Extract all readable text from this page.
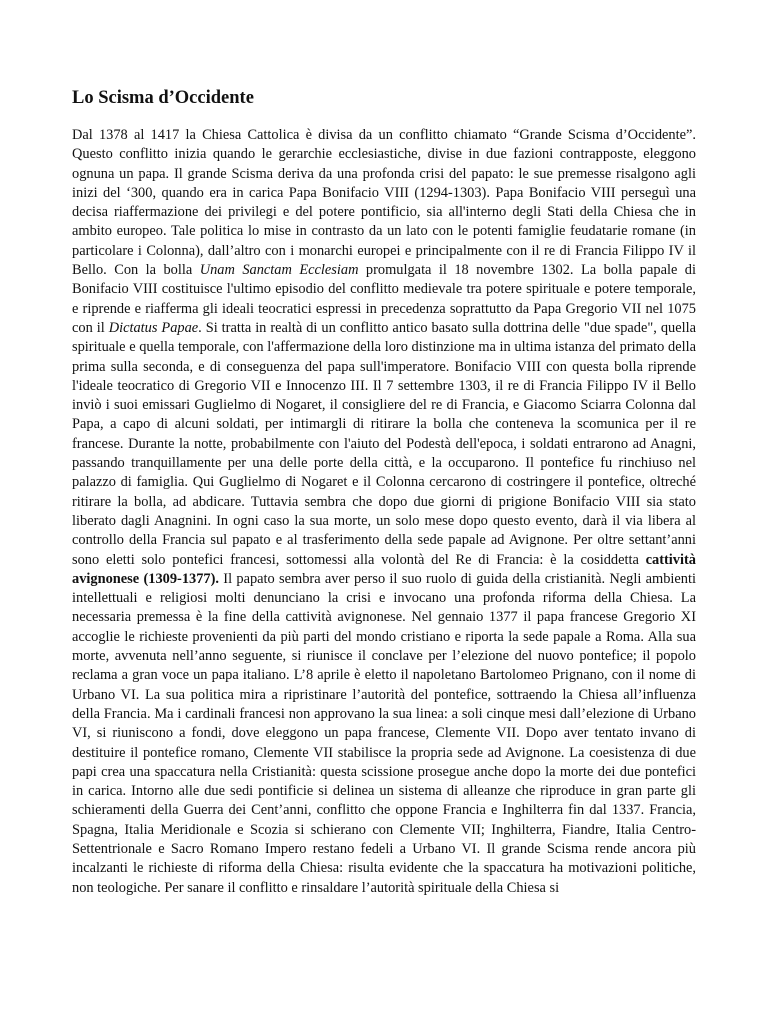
Lo Scisma d’Occidente

Dal 1378 al 1417 la Chiesa Cattolica è divisa da un conflitto chiamato “Grande Scisma d’Occidente”. Questo conflitto inizia quando le gerarchie ecclesiastiche, divise in due fazioni contrapposte, eleggono ognuna un papa. Il grande Scisma deriva da una profonda crisi del papato: le sue premesse risalgono agli inizi del ‘300, quando era in carica Papa Bonifacio VIII (1294-1303). Papa Bonifacio VIII perseguì una decisa riaffermazione dei privilegi e del potere pontificio, sia all'interno degli Stati della Chiesa che in ambito europeo. Tale politica lo mise in contrasto da un lato con le potenti famiglie feudatarie romane (in particolare i Colonna), dall’altro con i monarchi europei e principalmente con il re di Francia Filippo IV il Bello. Con la bolla Unam Sanctam Ecclesiam promulgata il 18 novembre 1302. La bolla papale di Bonifacio VIII costituisce l'ultimo episodio del conflitto medievale tra potere spirituale e potere temporale, e riprende e riafferma gli ideali teocratici espressi in precedenza soprattutto da Papa Gregorio VII nel 1075 con il Dictatus Papae. Si tratta in realtà di un conflitto antico basato sulla dottrina delle "due spade", quella spirituale e quella temporale, con l'affermazione della loro distinzione ma in ultima istanza del primato della prima sulla seconda, e di conseguenza del papa sull'imperatore. Bonifacio VIII con questa bolla riprende l'ideale teocratico di Gregorio VII e Innocenzo III. Il 7 settembre 1303, il re di Francia Filippo IV il Bello inviò i suoi emissari Guglielmo di Nogaret, il consigliere del re di Francia, e Giacomo Sciarra Colonna dal Papa, a capo di alcuni soldati, per intimargli di ritirare la bolla che conteneva la scomunica per il re francese. Durante la notte, probabilmente con l'aiuto del Podestà dell'epoca, i soldati entrarono ad Anagni, passando tranquillamente per una delle porte della città, e la occuparono. Il pontefice fu rinchiuso nel palazzo di famiglia. Qui Guglielmo di Nogaret e il Colonna cercarono di costringere il pontefice, oltreché ritirare la bolla, ad abdicare. Tuttavia sembra che dopo due giorni di prigione Bonifacio VIII sia stato liberato dagli Anagnini. In ogni caso la sua morte, un solo mese dopo questo evento, darà il via libera al controllo della Francia sul papato e al trasferimento della sede papale ad Avignone. Per oltre settant’anni sono eletti solo pontefici francesi, sottomessi alla volontà del Re di Francia: è la cosiddetta cattività avignonese (1309-1377). Il papato sembra aver perso il suo ruolo di guida della cristianità. Negli ambienti intellettuali e religiosi molti denunciano la crisi e invocano una profonda riforma della Chiesa. La necessaria premessa è la fine della cattività avignonese. Nel gennaio 1377 il papa francese Gregorio XI accoglie le richieste provenienti da più parti del mondo cristiano e riporta la sede papale a Roma. Alla sua morte, avvenuta nell’anno seguente, si riunisce il conclave per l’elezione del nuovo pontefice; il popolo reclama a gran voce un papa italiano. L’8 aprile è eletto il napoletano Bartolomeo Prignano, con il nome di Urbano VI. La sua politica mira a ripristinare l’autorità del pontefice, sottraendo la Chiesa all’influenza della Francia. Ma i cardinali francesi non approvano la sua linea: a soli cinque mesi dall’elezione di Urbano VI, si riuniscono a fondi, dove eleggono un papa francese, Clemente VII. Dopo aver tentato invano di destituire il pontefice romano, Clemente VII stabilisce la propria sede ad Avignone. La coesistenza di due papi crea una spaccatura nella Cristianità: questa scissione prosegue anche dopo la morte dei due pontefici in carica. Intorno alle due sedi pontificie si delinea un sistema di alleanze che riproduce in gran parte gli schieramenti della Guerra dei Cent’anni, conflitto che oppone Francia e Inghilterra fin dal 1337. Francia, Spagna, Italia Meridionale e Scozia si schierano con Clemente VII; Inghilterra, Fiandre, Italia Centro-Settentrionale e Sacro Romano Impero restano fedeli a Urbano VI. Il grande Scisma rende ancora più incalzanti le richieste di riforma della Chiesa: risulta evidente che la spaccatura ha motivazioni politiche, non teologiche. Per sanare il conflitto e rinsaldare l’autorità spirituale della Chiesa si
